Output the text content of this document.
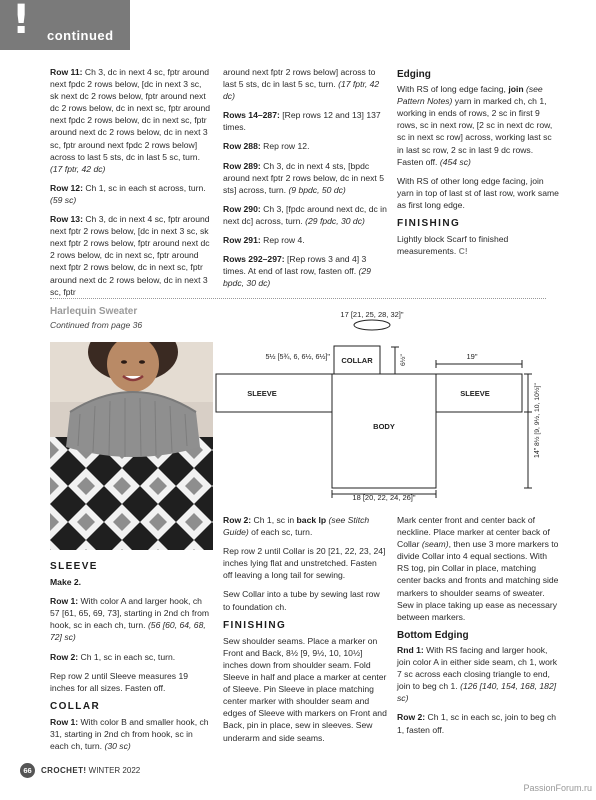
! continued

Row 11: Ch 3, dc in next 4 sc, fptr around next fpdc 2 rows below, [dc in next 3 sc, sk next dc 2 rows below, fptr around next dc 2 rows below, dc in next sc, fptr around next fpdc 2 rows below, dc in next sc, fptr around next dc 2 rows below, dc in next 3 sc, fptr around next fpdc 2 rows below] across to last 5 sts, dc in last 5 sc, turn. (17 fptr, 42 dc)

Row 12: Ch 1, sc in each st across, turn. (59 sc)

Row 13: Ch 3, dc in next 4 sc, fptr around next fptr 2 rows below, [dc in next 3 sc, sk next fptr 2 rows below, fptr around next dc 2 rows below, dc in next sc, fptr around next fptr 2 rows below, dc in next sc, fptr around next dc 2 rows below, dc in next 3 sc, fptr

around next fptr 2 rows below] across to last 5 sts, dc in last 5 sc, turn. (17 fptr, 42 dc)

Rows 14–287: [Rep rows 12 and 13] 137 times.

Row 288: Rep row 12.

Row 289: Ch 3, dc in next 4 sts, [bpdc around next fptr 2 rows below, dc in next 5 sts] across, turn. (9 bpdc, 50 dc)

Row 290: Ch 3, [fpdc around next dc, dc in next dc] across, turn. (29 fpdc, 30 dc)

Row 291: Rep row 4.

Rows 292–297: [Rep rows 3 and 4] 3 times. At end of last row, fasten off. (29 bpdc, 30 dc)

Edging

With RS of long edge facing, join (see Pattern Notes) yarn in marked ch, ch 1, working in ends of rows, 2 sc in first 9 rows, sc in next row, [2 sc in next dc row, sc in next sc row] across, working last sc in last sc row, 2 sc in last 9 dc rows. Fasten off. (454 sc)

With RS of other long edge facing, join yarn in top of last st of last row, work same as first long edge.

FINISHING

Lightly block Scarf to finished measurements. C!

Harlequin Sweater
Continued from page 36
17 [21, 25, 28, 32]"
5½ [5¾, 6, 6½, 6½]" COLLAR	6½"	19"
SLEEVE	SLEEVE	8½ [9, 9½, 10, 10½]"
BODY
14"
18 [20, 22, 24, 26]"
SLEEVE

Make 2.

Row 1: With color A and larger hook, ch 57 [61, 65, 69, 73], starting in 2nd ch from hook, sc in each ch, turn. (56 [60, 64, 68, 72] sc)

Row 2: Ch 1, sc in each sc, turn.

Rep row 2 until Sleeve measures 19 inches for all sizes. Fasten off.

COLLAR

Row 1: With color B and smaller hook, ch 31, starting in 2nd ch from hook, sc in each ch, turn. (30 sc)

Row 2: Ch 1, sc in back lp (see Stitch Guide) of each sc, turn.

Rep row 2 until Collar is 20 [21, 22, 23, 24] inches lying flat and unstretched. Fasten off leaving a long tail for sewing.

Sew Collar into a tube by sewing last row to foundation ch.

FINISHING

Sew shoulder seams. Place a marker on Front and Back, 8½ [9, 9½, 10, 10½] inches down from shoulder seam. Fold Sleeve in half and place a marker at center of Sleeve. Pin Sleeve in place matching center marker with shoulder seam and edges of Sleeve with markers on Front and Back, pin in place, sew in sleeves. Sew underarm and side seams.

Mark center front and center back of neckline. Place marker at center back of Collar (seam), then use 3 more markers to divide Collar into 4 equal sections. With RS tog, pin Collar in place, matching center backs and fronts and matching side markers to shoulder seams of sweater. Sew in place taking up ease as necessary between markers.

Bottom Edging

Rnd 1: With RS facing and larger hook, join color A in either side seam, ch 1, work 7 sc across each closing triangle to end, join to beg ch 1. (126 [140, 154, 168, 182] sc)

Row 2: Ch 1, sc in each sc, join to beg ch 1, fasten off.

66 CROCHET! WINTER 2022
PassionForum.ru
